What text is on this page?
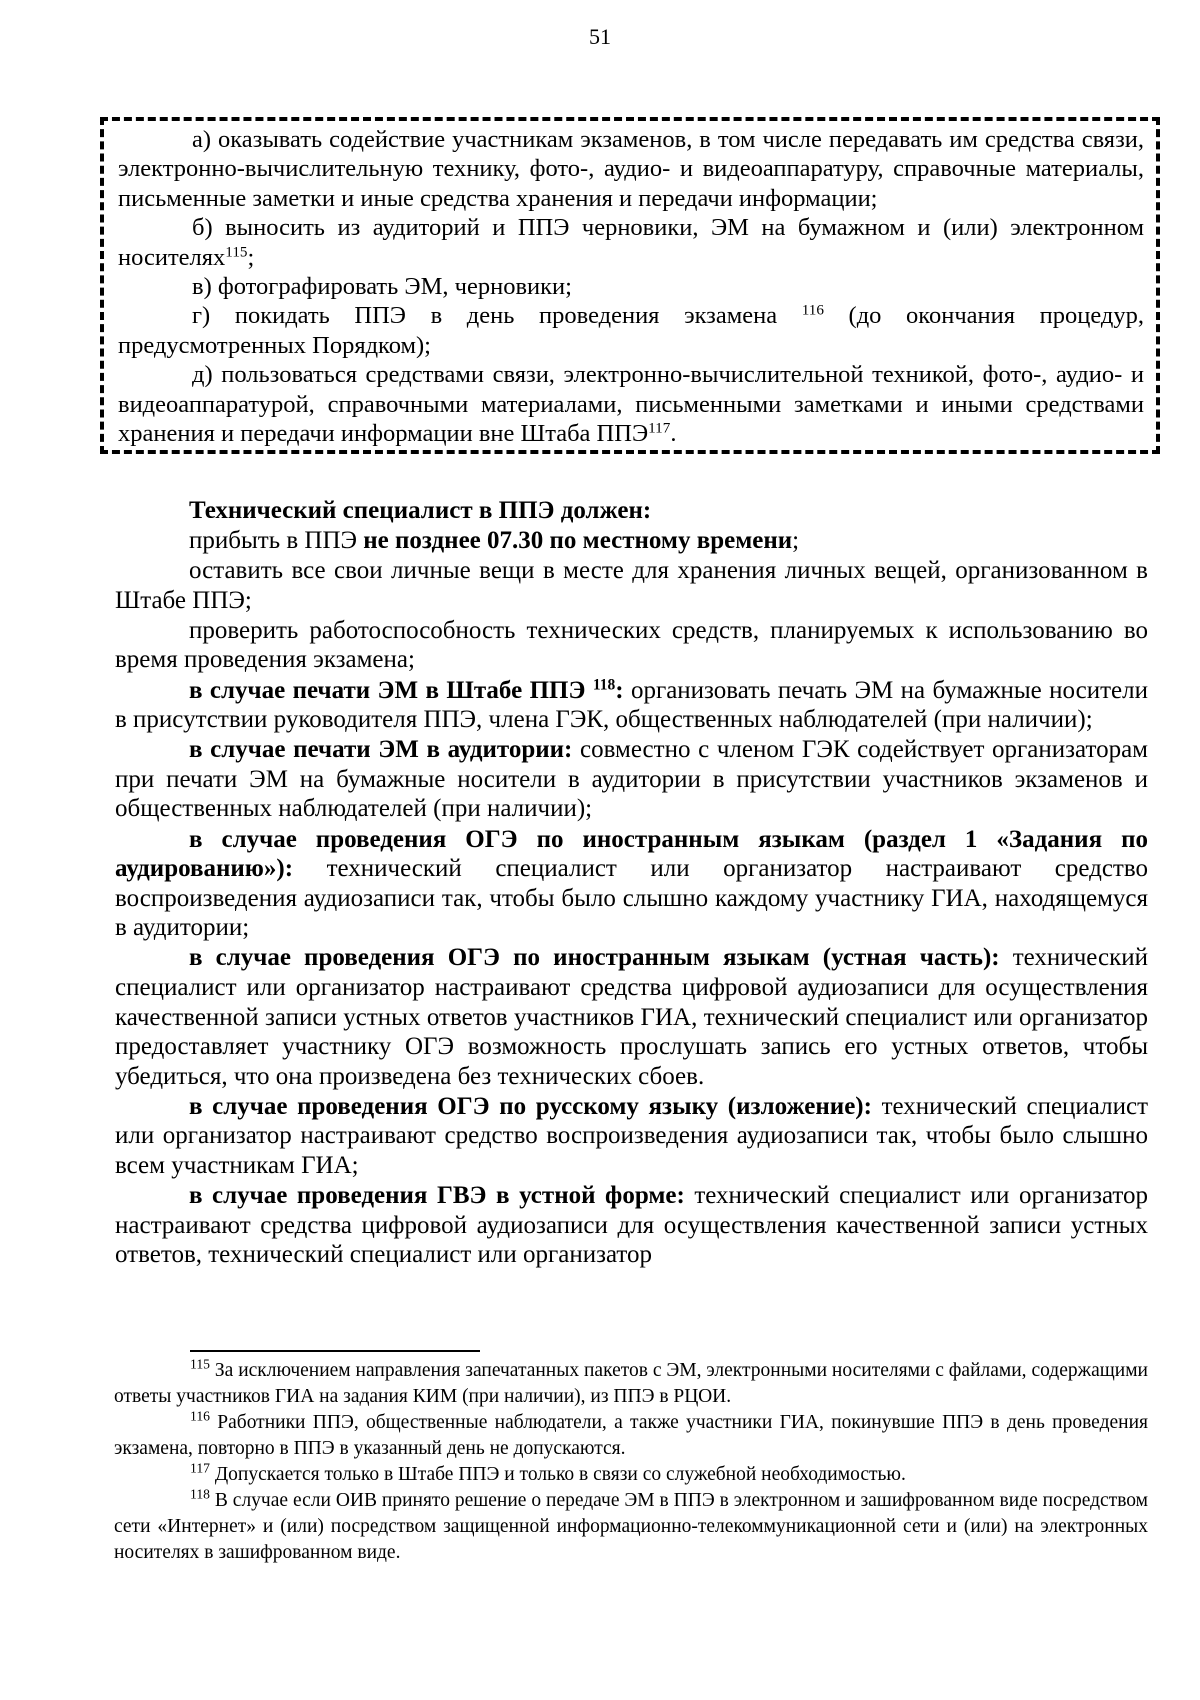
51

а) оказывать содействие участникам экзаменов, в том числе передавать им средства связи, электронно-вычислительную технику, фото-, аудио- и видеоаппаратуру, справочные материалы, письменные заметки и иные средства хранения и передачи информации;

б) выносить из аудиторий и ППЭ черновики, ЭМ на бумажном и (или) электронном носителях$^{115}$;

в) фотографировать ЭМ, черновики;

г) покидать ППЭ в день проведения экзамена $^{116}$ (до окончания процедур, предусмотренных Порядком);

д) пользоваться средствами связи, электронно-вычислительной техникой, фото-, аудио- и видеоаппаратурой, справочными материалами, письменными заметками и иными средствами хранения и передачи информации вне Штаба ППЭ$^{117}$.

Технический специалист в ППЭ должен:

прибыть в ППЭ не позднее 07.30 по местному времени;

оставить все свои личные вещи в месте для хранения личных вещей, организованном в Штабе ППЭ;

проверить работоспособность технических средств, планируемых к использованию во время проведения экзамена;

в случае печати ЭМ в Штабе ППЭ $^{118}$: организовать печать ЭМ на бумажные носители в присутствии руководителя ППЭ, члена ГЭК, общественных наблюдателей (при наличии);

в случае печати ЭМ в аудитории: совместно с членом ГЭК содействует организаторам при печати ЭМ на бумажные носители в аудитории в присутствии участников экзаменов и общественных наблюдателей (при наличии);

в случае проведения ОГЭ по иностранным языкам (раздел 1 «Задания по аудированию»): технический специалист или организатор настраивают средство воспроизведения аудиозаписи так, чтобы было слышно каждому участнику ГИА, находящемуся в аудитории;

в случае проведения ОГЭ по иностранным языкам (устная часть): технический специалист или организатор настраивают средства цифровой аудиозаписи для осуществления качественной записи устных ответов участников ГИА, технический специалист или организатор предоставляет участнику ОГЭ возможность прослушать запись его устных ответов, чтобы убедиться, что она произведена без технических сбоев.

в случае проведения ОГЭ по русскому языку (изложение): технический специалист или организатор настраивают средство воспроизведения аудиозаписи так, чтобы было слышно всем участникам ГИА;

в случае проведения ГВЭ в устной форме: технический специалист или организатор настраивают средства цифровой аудиозаписи для осуществления качественной записи устных ответов, технический специалист или организатор

$^{115}$ За исключением направления запечатанных пакетов с ЭМ, электронными носителями с файлами, содержащими ответы участников ГИА на задания КИМ (при наличии), из ППЭ в РЦОИ.

$^{116}$ Работники ППЭ, общественные наблюдатели, а также участники ГИА, покинувшие ППЭ в день проведения экзамена, повторно в ППЭ в указанный день не допускаются.

$^{117}$ Допускается только в Штабе ППЭ и только в связи со служебной необходимостью.

$^{118}$ В случае если ОИВ принято решение о передаче ЭМ в ППЭ в электронном и зашифрованном виде посредством сети «Интернет» и (или) посредством защищенной информационно-телекоммуникационной сети и (или) на электронных носителях в зашифрованном виде.
